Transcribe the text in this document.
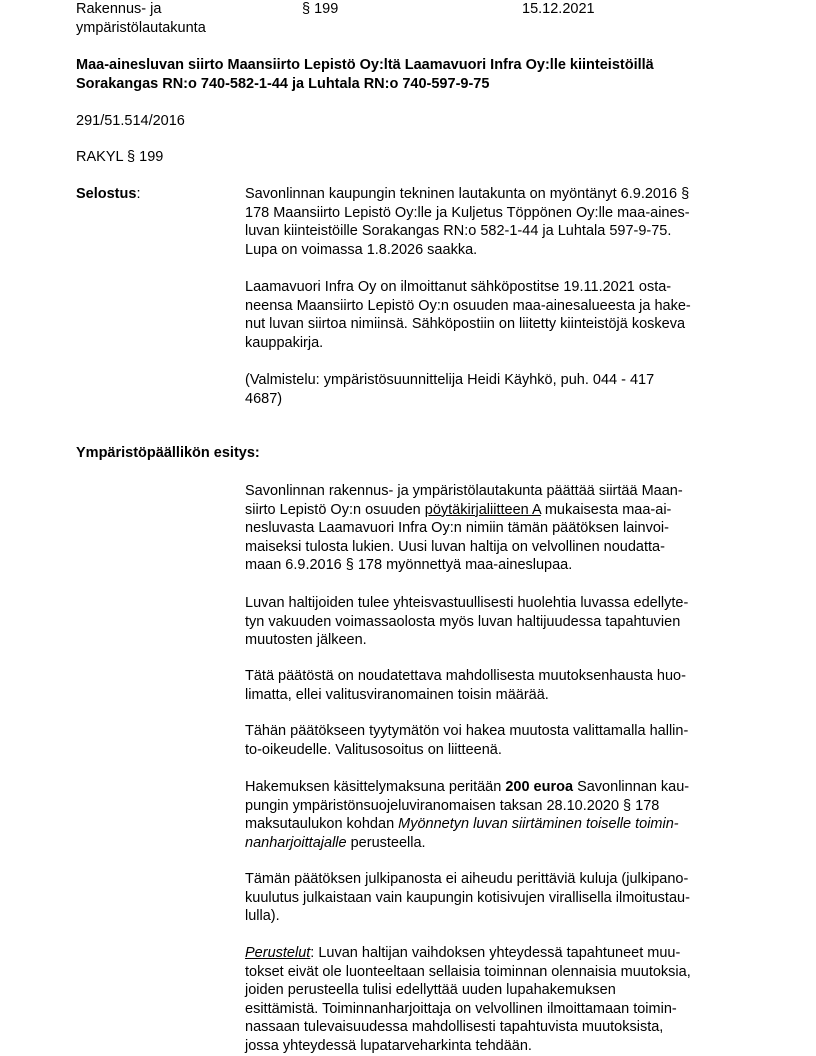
Rakennus- ja
ympäristölautakunta
§ 199	15.12.2021
Maa-ainesluvan siirto Maansiirto Lepistö Oy:ltä Laamavuori Infra Oy:lle kiinteistöillä
Sorakangas RN:o 740-582-1-44 ja Luhtala RN:o 740-597-9-75
291/51.514/2016
RAKYL § 199
Selostus:	Savonlinnan kaupungin tekninen lautakunta on myöntänyt 6.9.2016 §
178 Maansiirto Lepistö Oy:lle ja Kuljetus Töppönen Oy:lle maa-aines-
luvan kiinteistöille Sorakangas RN:o 582-1-44 ja Luhtala 597-9-75.
Lupa on voimassa 1.8.2026 saakka.
Laamavuori Infra Oy on ilmoittanut sähköpostitse 19.11.2021 osta-
neensa Maansiirto Lepistö Oy:n osuuden maa-ainesalueesta ja hake-
nut luvan siirtoa nimiinsä. Sähköpostiin on liitetty kiinteistöjä koskeva
kauppakirja.
(Valmistelu: ympäristösuunnittelija Heidi Käyhkö, puh. 044 - 417
4687)
Ympäristöpäällikön esitys:
Savonlinnan rakennus- ja ympäristölautakunta päättää siirtää Maan-
siirto Lepistö Oy:n osuuden pöytäkirjaliitteen A mukaisesta maa-ai-
nesluvasta Laamavuori Infra Oy:n nimiin tämän päätöksen lainvoi-
maiseksi tulosta lukien. Uusi luvan haltija on velvollinen noudatta-
maan 6.9.2016 § 178 myönnettyä maa-aineslupaa.
Luvan haltijoiden tulee yhteisvastuullisesti huolehtia luvassa edellyte-
tyn vakuuden voimassaolosta myös luvan haltijuudessa tapahtuvien
muutosten jälkeen.
Tätä päätöstä on noudatettava mahdollisesta muutoksenhausta huo-
limatta, ellei valitusviranomainen toisin määrää.
Tähän päätökseen tyytymätön voi hakea muutosta valittamalla hallin-
to-oikeudelle. Valitusosoitus on liitteenä.
Hakemuksen käsittelymaksuna peritään 200 euroa Savonlinnan kau-
pungin ympäristönsuojeluviranomaisen taksan 28.10.2020 § 178
maksutaulukon kohdan Myönnetyn luvan siirtäminen toiselle toimin-
nanharjoittajalle perusteella.
Tämän päätöksen julkipanosta ei aiheudu perittäviä kuluja (julkipano-
kuulutus julkaistaan vain kaupungin kotisivujen virallisella ilmoitustau-
lulla).
Perustelut: Luvan haltijan vaihdoksen yhteydessä tapahtuneet muu-
tokset eivät ole luonteeltaan sellaisia toiminnan olennaisia muutoksia,
joiden perusteella tulisi edellyttää uuden lupahakemuksen
esittämistä. Toiminnanharjoittaja on velvollinen ilmoittamaan toimin-
nassaan tulevaisuudessa mahdollisesti tapahtuvista muutoksista,
jossa yhteydessä lupatarveharkinta tehdään.
